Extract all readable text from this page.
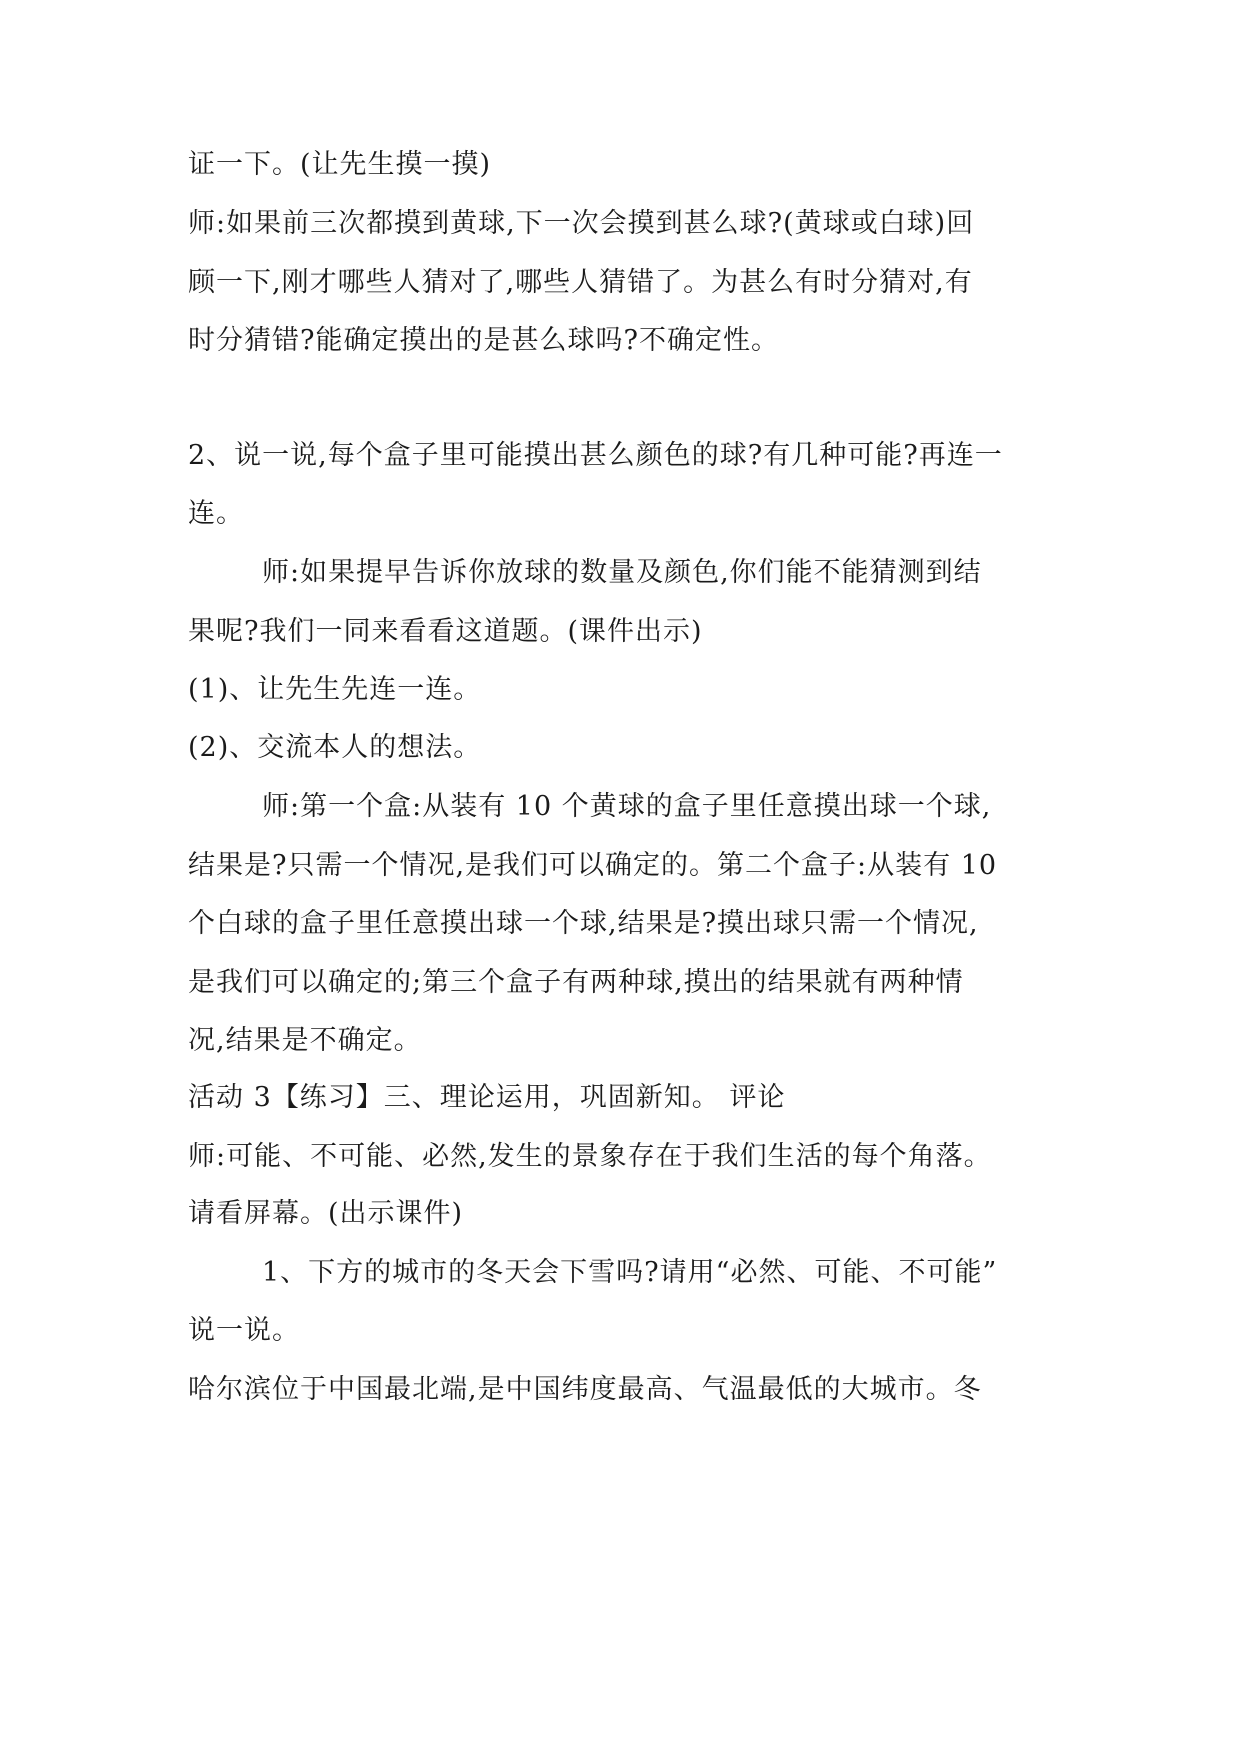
证一下。(让先生摸一摸)
师:如果前三次都摸到黄球,下一次会摸到甚么球?(黄球或白球)回
顾一下,刚才哪些人猜对了,哪些人猜错了。为甚么有时分猜对,有
时分猜错?能确定摸出的是甚么球吗?不确定性。
2、说一说,每个盒子里可能摸出甚么颜色的球?有几种可能?再连一
连。
师:如果提早告诉你放球的数量及颜色,你们能不能猜测到结
果呢?我们一同来看看这道题。(课件出示)
(1)、让先生先连一连。
(2)、交流本人的想法。
师:第一个盒:从装有 10 个黄球的盒子里任意摸出球一个球,
结果是?只需一个情况,是我们可以确定的。第二个盒子:从装有 10
个白球的盒子里任意摸出球一个球,结果是?摸出球只需一个情况,
是我们可以确定的;第三个盒子有两种球,摸出的结果就有两种情
况,结果是不确定。
活动 3【练习】三、理论运用，巩固新知。 评论
师:可能、不可能、必然,发生的景象存在于我们生活的每个角落。
请看屏幕。(出示课件)
1、下方的城市的冬天会下雪吗?请用“必然、可能、不可能”
说一说。
哈尔滨位于中国最北端,是中国纬度最高、气温最低的大城市。冬
